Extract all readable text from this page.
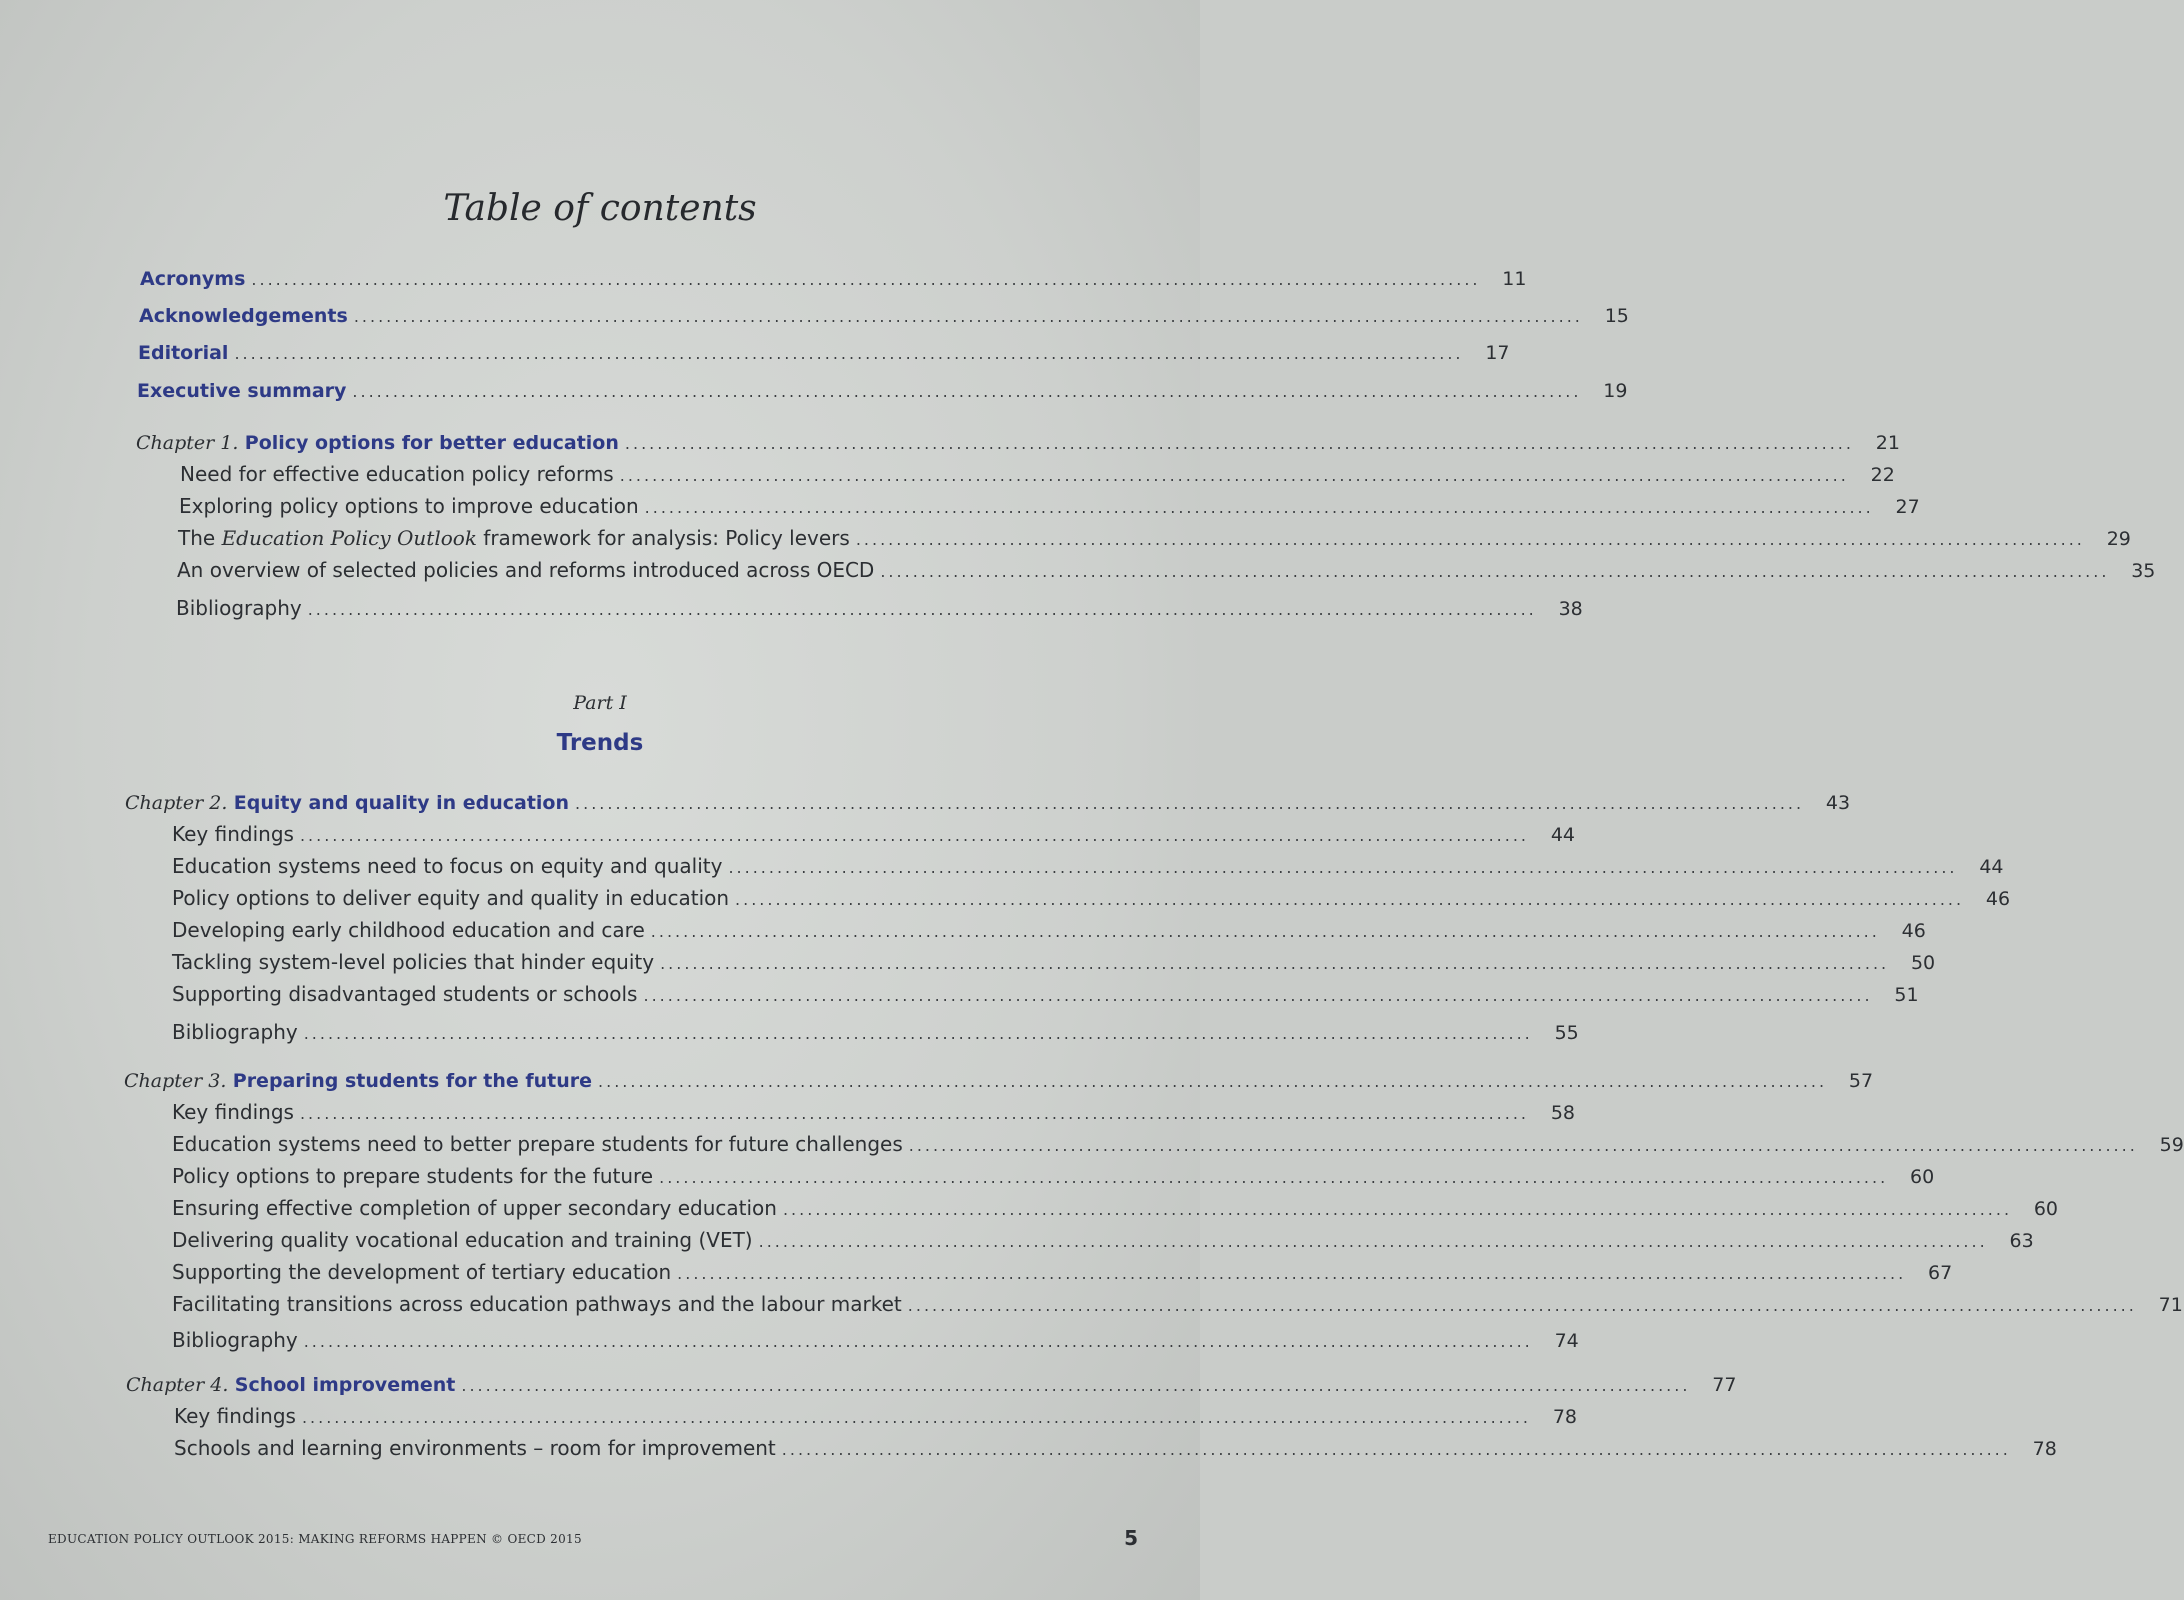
Table of contents
Acronyms ........................................................................................................................................................	11
Acknowledgements ........................................................................................................................................................	15
Editorial ........................................................................................................................................................	17
Executive summary ........................................................................................................................................................	19
Chapter 1. Policy options for better education ........................................................................................................................................................	21
Need for effective education policy reforms ........................................................................................................................................................	22
Exploring policy options to improve education ........................................................................................................................................................	27
The Education Policy Outlook framework for analysis: Policy levers ........................................................................................................................................................	29
An overview of selected policies and reforms introduced across OECD ........................................................................................................................................................	35
Bibliography ........................................................................................................................................................	38
Part I
Trends
Chapter 2. Equity and quality in education ........................................................................................................................................................	43
Key findings ........................................................................................................................................................	44
Education systems need to focus on equity and quality ........................................................................................................................................................	44
Policy options to deliver equity and quality in education ........................................................................................................................................................	46
Developing early childhood education and care ........................................................................................................................................................	46
Tackling system-level policies that hinder equity ........................................................................................................................................................	50
Supporting disadvantaged students or schools ........................................................................................................................................................	51
Bibliography ........................................................................................................................................................	55
Chapter 3. Preparing students for the future ........................................................................................................................................................	57
Key findings ........................................................................................................................................................	58
Education systems need to better prepare students for future challenges ........................................................................................................................................................	59
Policy options to prepare students for the future ........................................................................................................................................................	60
Ensuring effective completion of upper secondary education ........................................................................................................................................................	60
Delivering quality vocational education and training (VET) ........................................................................................................................................................	63
Supporting the development of tertiary education ........................................................................................................................................................	67
Facilitating transitions across education pathways and the labour market ........................................................................................................................................................	71
Bibliography ........................................................................................................................................................	74
Chapter 4. School improvement ........................................................................................................................................................	77
Key findings ........................................................................................................................................................	78
Schools and learning environments – room for improvement ........................................................................................................................................................	78
EDUCATION POLICY OUTLOOK 2015: MAKING REFORMS HAPPEN © OECD 2015	5
